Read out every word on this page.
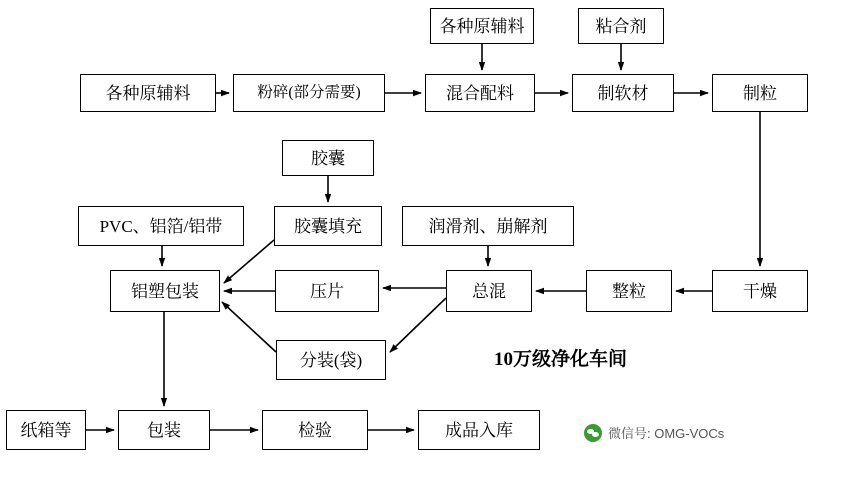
各种原辅料	粘合剂
各种原辅料	粉碎(部分需要)	混合配料	制软材	制粒
胶囊
PVC、铝箔/铝带	胶囊填充	润滑剂、崩解剂
铝塑包装	压片	总混	整粒	干燥
分装(袋)
纸箱等	包装	检验	成品入库
10万级净化车间
微信号: OMG-VOCs
